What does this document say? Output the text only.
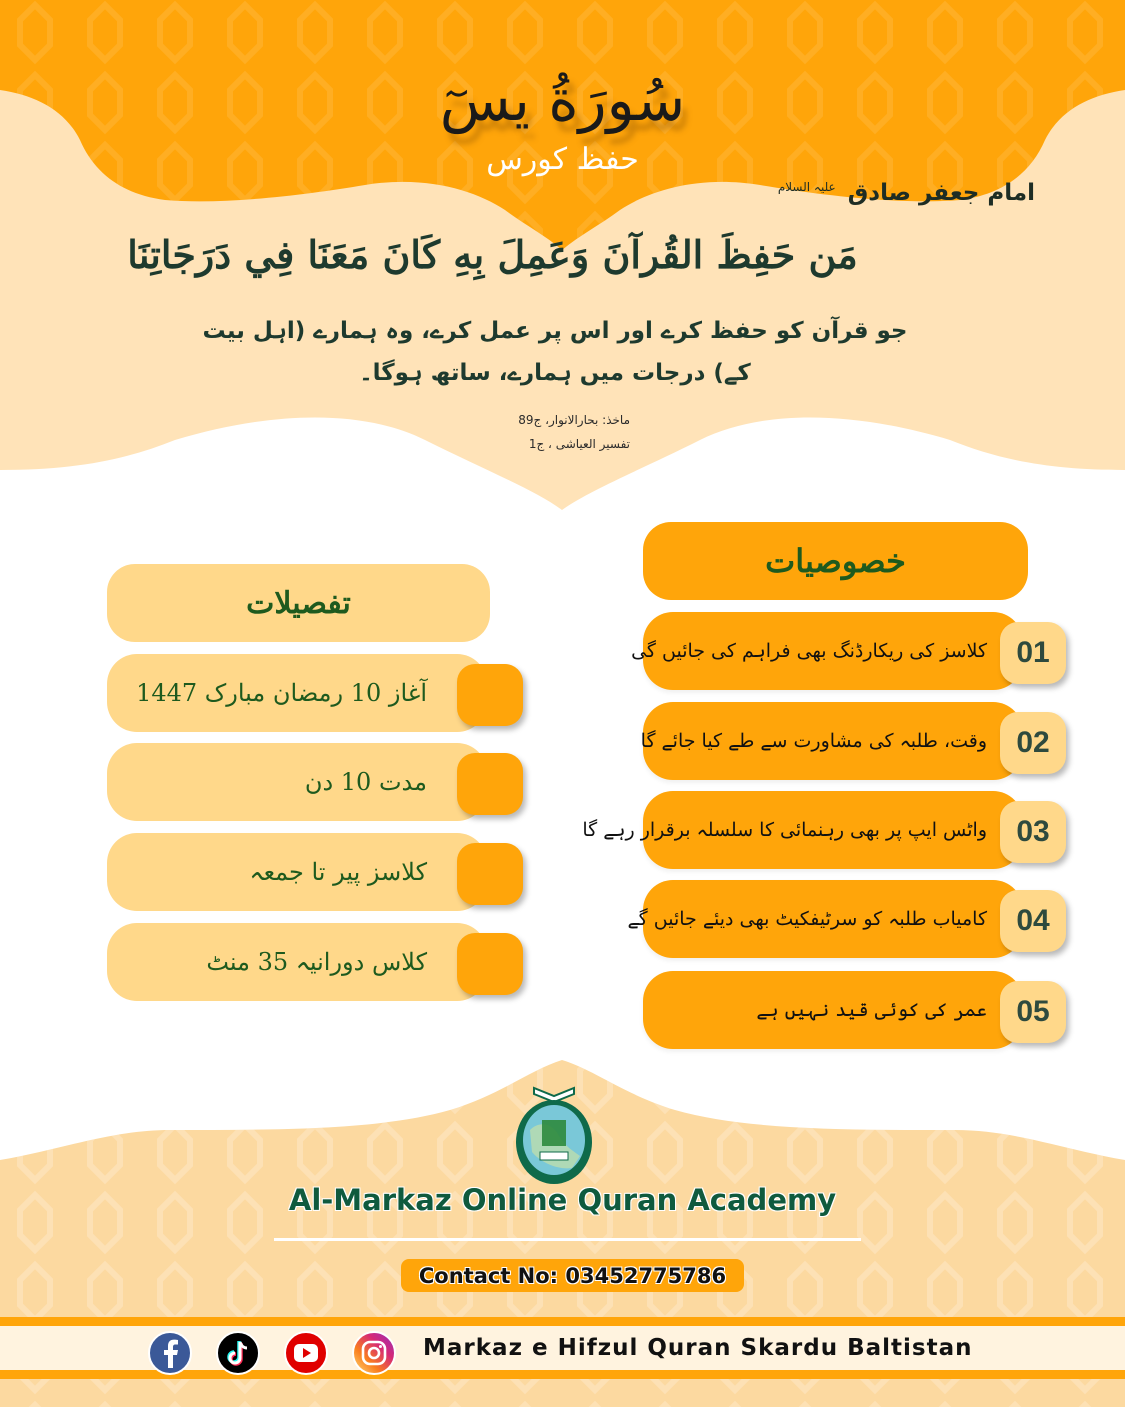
سُورَةُ یسٓ
حفظ کورس
امام جعفر صادق $^{علیہ السلام}$
مَن حَفِظَ القُرآنَ وَعَمِلَ بِهِ كَانَ مَعَنَا فِي دَرَجَاتِنَا
جو قرآن کو حفظ کرے اور اس پر عمل کرے، وہ ہمارے (اہل بیت کے) درجات میں ہمارے، ساتھ ہوگا۔
ماخذ: بحارالانوار، ج89
تفسیر العیاشی ، ج1
خصوصیات
کلاسز کی ریکارڈنگ بھی فراہم کی جائیں گی 01
وقت، طلبہ کی مشاورت سے طے کیا جائے گا 02
واٹس ایپ پر بھی رہنمائی کا سلسلہ برقرار رہے گا 03
کامیاب طلبہ کو سرٹیفکیٹ بھی دیئے جائیں گے 04
عمر کی کوئی قید نہیں ہے 05
تفصیلات
آغاز 10 رمضان مبارک 1447
مدت 10 دن
کلاسز پیر تا جمعہ
کلاس دورانیہ 35 منٹ
Al-Markaz Online Quran Academy
Contact No: 03452775786
Markaz e Hifzul Quran Skardu Baltistan
